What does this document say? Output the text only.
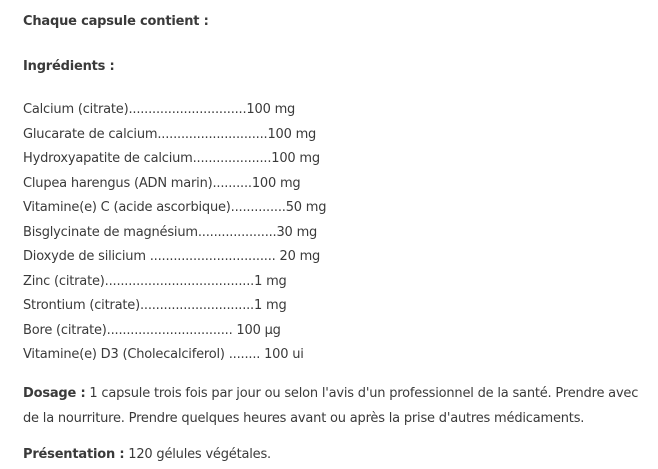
Chaque capsule contient :

Ingrédients :

Calcium (citrate)..............................100 mg
Glucarate de calcium............................100 mg
Hydroxyapatite de calcium....................100 mg
Clupea harengus (ADN marin)..........100 mg
Vitamine(e) C (acide ascorbique)..............50 mg
Bisglycinate de magnésium....................30 mg
Dioxyde de silicium ................................ 20 mg
Zinc (citrate)......................................1 mg
Strontium (citrate).............................1 mg
Bore (citrate)................................ 100 µg
Vitamine(e) D3 (Cholecalciferol) ........ 100 ui

Dosage : 1 capsule trois fois par jour ou selon l'avis d'un professionnel de la santé. Prendre avec de la nourriture. Prendre quelques heures avant ou après la prise d'autres médicaments.

Présentation : 120 gélules végétales.
